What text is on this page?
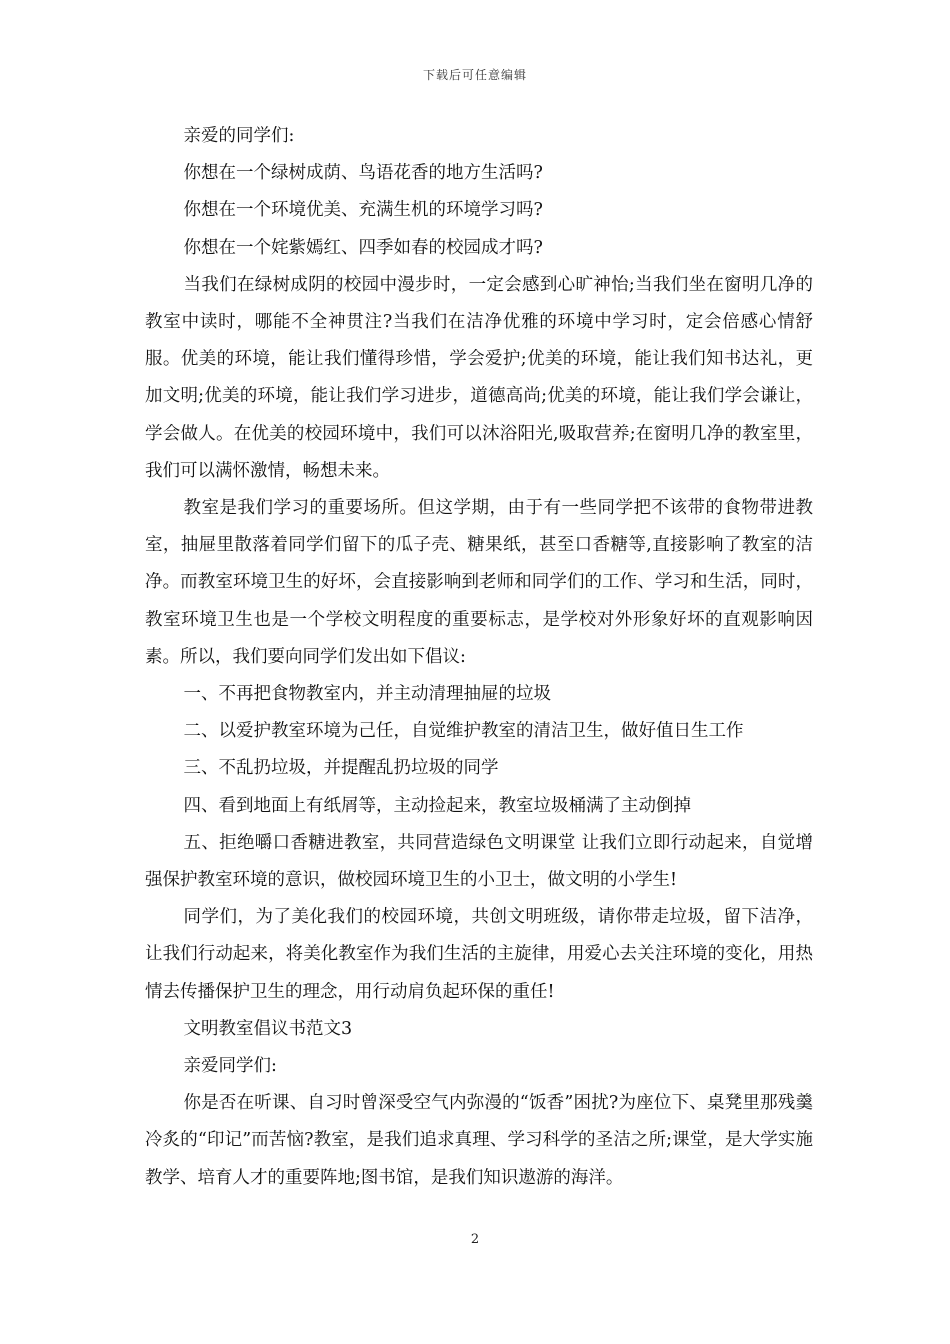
下载后可任意编辑

亲爱的同学们:

你想在一个绿树成荫、鸟语花香的地方生活吗?

你想在一个环境优美、充满生机的环境学习吗?

你想在一个姹紫嫣红、四季如春的校园成才吗?

当我们在绿树成阴的校园中漫步时，一定会感到心旷神怡;当我们坐在窗明几净的教室中读时，哪能不全神贯注?当我们在洁净优雅的环境中学习时，定会倍感心情舒服。优美的环境，能让我们懂得珍惜，学会爱护;优美的环境，能让我们知书达礼，更加文明;优美的环境，能让我们学习进步，道德高尚;优美的环境，能让我们学会谦让，学会做人。在优美的校园环境中，我们可以沐浴阳光,吸取营养;在窗明几净的教室里，我们可以满怀激情，畅想未来。

教室是我们学习的重要场所。但这学期，由于有一些同学把不该带的食物带进教室，抽屉里散落着同学们留下的瓜子壳、糖果纸，甚至口香糖等,直接影响了教室的洁净。而教室环境卫生的好坏，会直接影响到老师和同学们的工作、学习和生活，同时，教室环境卫生也是一个学校文明程度的重要标志，是学校对外形象好坏的直观影响因素。所以，我们要向同学们发出如下倡议:

一、不再把食物教室内，并主动清理抽屉的垃圾

二、以爱护教室环境为己任，自觉维护教室的清洁卫生，做好值日生工作

三、不乱扔垃圾，并提醒乱扔垃圾的同学

四、看到地面上有纸屑等，主动捡起来，教室垃圾桶满了主动倒掉

五、拒绝嚼口香糖进教室，共同营造绿色文明课堂 让我们立即行动起来，自觉增强保护教室环境的意识，做校园环境卫生的小卫士，做文明的小学生!

同学们，为了美化我们的校园环境，共创文明班级，请你带走垃圾，留下洁净，让我们行动起来，将美化教室作为我们生活的主旋律，用爱心去关注环境的变化，用热情去传播保护卫生的理念，用行动肩负起环保的重任!

文明教室倡议书范文3

亲爱同学们:

你是否在听课、自习时曾深受空气内弥漫的“饭香”困扰?为座位下、桌凳里那残羹冷炙的“印记”而苦恼?教室，是我们追求真理、学习科学的圣洁之所;课堂，是大学实施教学、培育人才的重要阵地;图书馆，是我们知识遨游的海洋。

2
